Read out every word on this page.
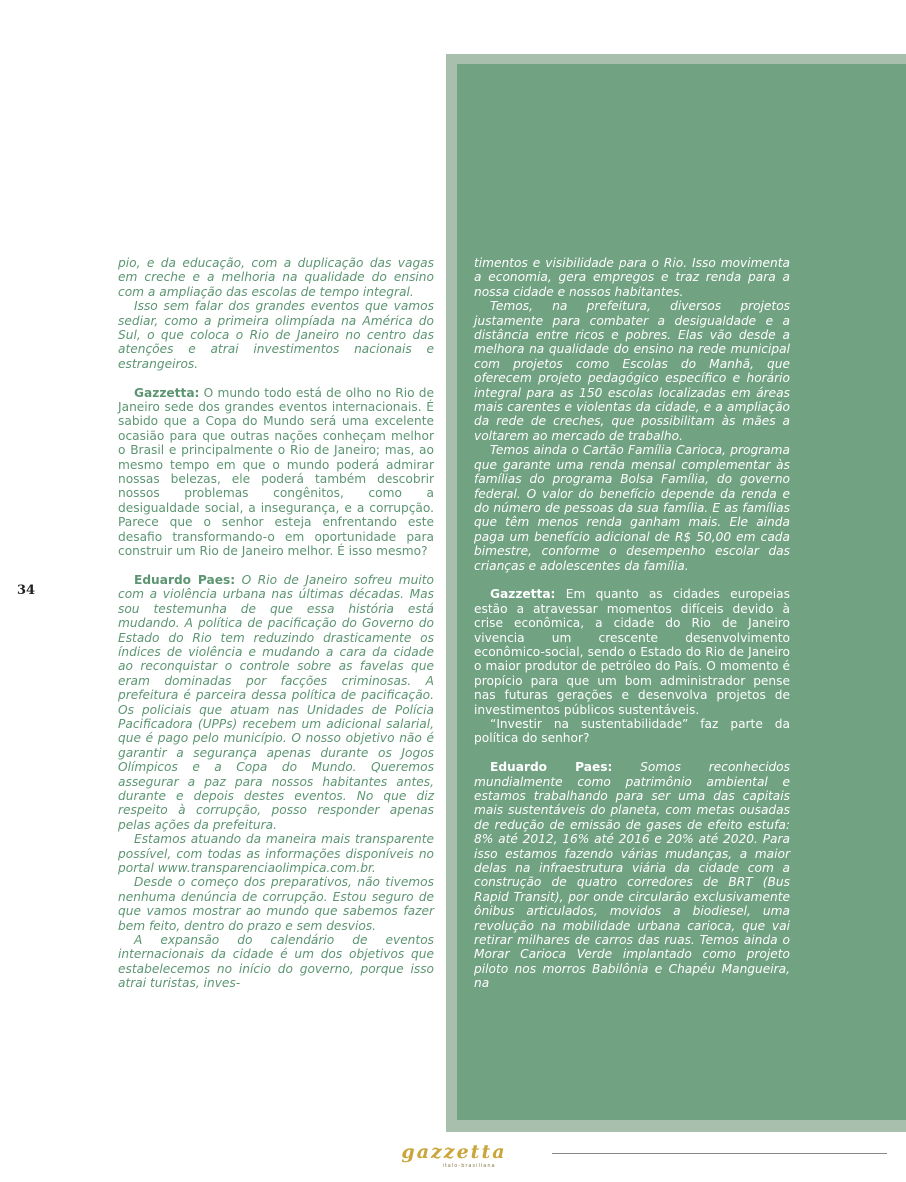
pio, e da educação, com a duplicação das vagas em creche e a melhoria na qualidade do ensino com a ampliação das escolas de tempo integral.

Isso sem falar dos grandes eventos que vamos sediar, como a primeira olimpíada na América do Sul, o que coloca o Rio de Janeiro no centro das atenções e atrai investimentos nacionais e estrangeiros.

Gazzetta: O mundo todo está de olho no Rio de Janeiro sede dos grandes eventos internacionais. É sabido que a Copa do Mundo será uma excelente ocasião para que outras nações conheçam melhor o Brasil e principalmente o Rio de Janeiro; mas, ao mesmo tempo em que o mundo poderá admirar nossas belezas, ele poderá também descobrir nossos problemas congênitos, como a desigualdade social, a insegurança, e a corrupção. Parece que o senhor esteja enfrentando este desafio transformando-o em oportunidade para construir um Rio de Janeiro melhor. É isso mesmo?

Eduardo Paes: O Rio de Janeiro sofreu muito com a violência urbana nas últimas décadas. Mas sou testemunha de que essa história está mudando. A política de pacificação do Governo do Estado do Rio tem reduzindo drasticamente os índices de violência e mudando a cara da cidade ao reconquistar o controle sobre as favelas que eram dominadas por facções criminosas. A prefeitura é parceira dessa política de pacificação. Os policiais que atuam nas Unidades de Polícia Pacificadora (UPPs) recebem um adicional salarial, que é pago pelo município. O nosso objetivo não é garantir a segurança apenas durante os Jogos Olímpicos e a Copa do Mundo. Queremos assegurar a paz para nossos habitantes antes, durante e depois destes eventos. No que diz respeito à corrupção, posso responder apenas pelas ações da prefeitura.

Estamos atuando da maneira mais transparente possível, com todas as informações disponíveis no portal www.transparenciaolimpica.com.br.

Desde o começo dos preparativos, não tivemos nenhuma denúncia de corrupção. Estou seguro de que vamos mostrar ao mundo que sabemos fazer bem feito, dentro do prazo e sem desvios.

A expansão do calendário de eventos internacionais da cidade é um dos objetivos que estabelecemos no início do governo, porque isso atrai turistas, inves-

timentos e visibilidade para o Rio. Isso movimenta a economia, gera empregos e traz renda para a nossa cidade e nossos habitantes.

Temos, na prefeitura, diversos projetos justamente para combater a desigualdade e a distância entre ricos e pobres. Elas vão desde a melhora na qualidade do ensino na rede municipal com projetos como Escolas do Manhã, que oferecem projeto pedagógico específico e horário integral para as 150 escolas localizadas em áreas mais carentes e violentas da cidade, e a ampliação da rede de creches, que possibilitam às mães a voltarem ao mercado de trabalho.

Temos ainda o Cartão Família Carioca, programa que garante uma renda mensal complementar às famílias do programa Bolsa Família, do governo federal. O valor do benefício depende da renda e do número de pessoas da sua família. E as famílias que têm menos renda ganham mais. Ele ainda paga um benefício adicional de R$ 50,00 em cada bimestre, conforme o desempenho escolar das crianças e adolescentes da família.

Gazzetta: Em quanto as cidades europeias estão a atravessar momentos difíceis devido à crise econômica, a cidade do Rio de Janeiro vivencia um crescente desenvolvimento econômico-social, sendo o Estado do Rio de Janeiro o maior produtor de petróleo do País. O momento é propício para que um bom administrador pense nas futuras gerações e desenvolva projetos de investimentos públicos sustentáveis.

“Investir na sustentabilidade” faz parte da política do senhor?

Eduardo Paes: Somos reconhecidos mundialmente como patrimônio ambiental e estamos trabalhando para ser uma das capitais mais sustentáveis do planeta, com metas ousadas de redução de emissão de gases de efeito estufa: 8% até 2012, 16% até 2016 e 20% até 2020. Para isso estamos fazendo várias mudanças, a maior delas na infraestrutura viária da cidade com a construção de quatro corredores de BRT (Bus Rapid Transit), por onde circularão exclusivamente ônibus articulados, movidos a biodiesel, uma revolução na mobilidade urbana carioca, que vai retirar milhares de carros das ruas. Temos ainda o Morar Carioca Verde implantado como projeto piloto nos morros Babilônia e Chapéu Mangueira, na

34
gazzetta
italo-brasiliana
